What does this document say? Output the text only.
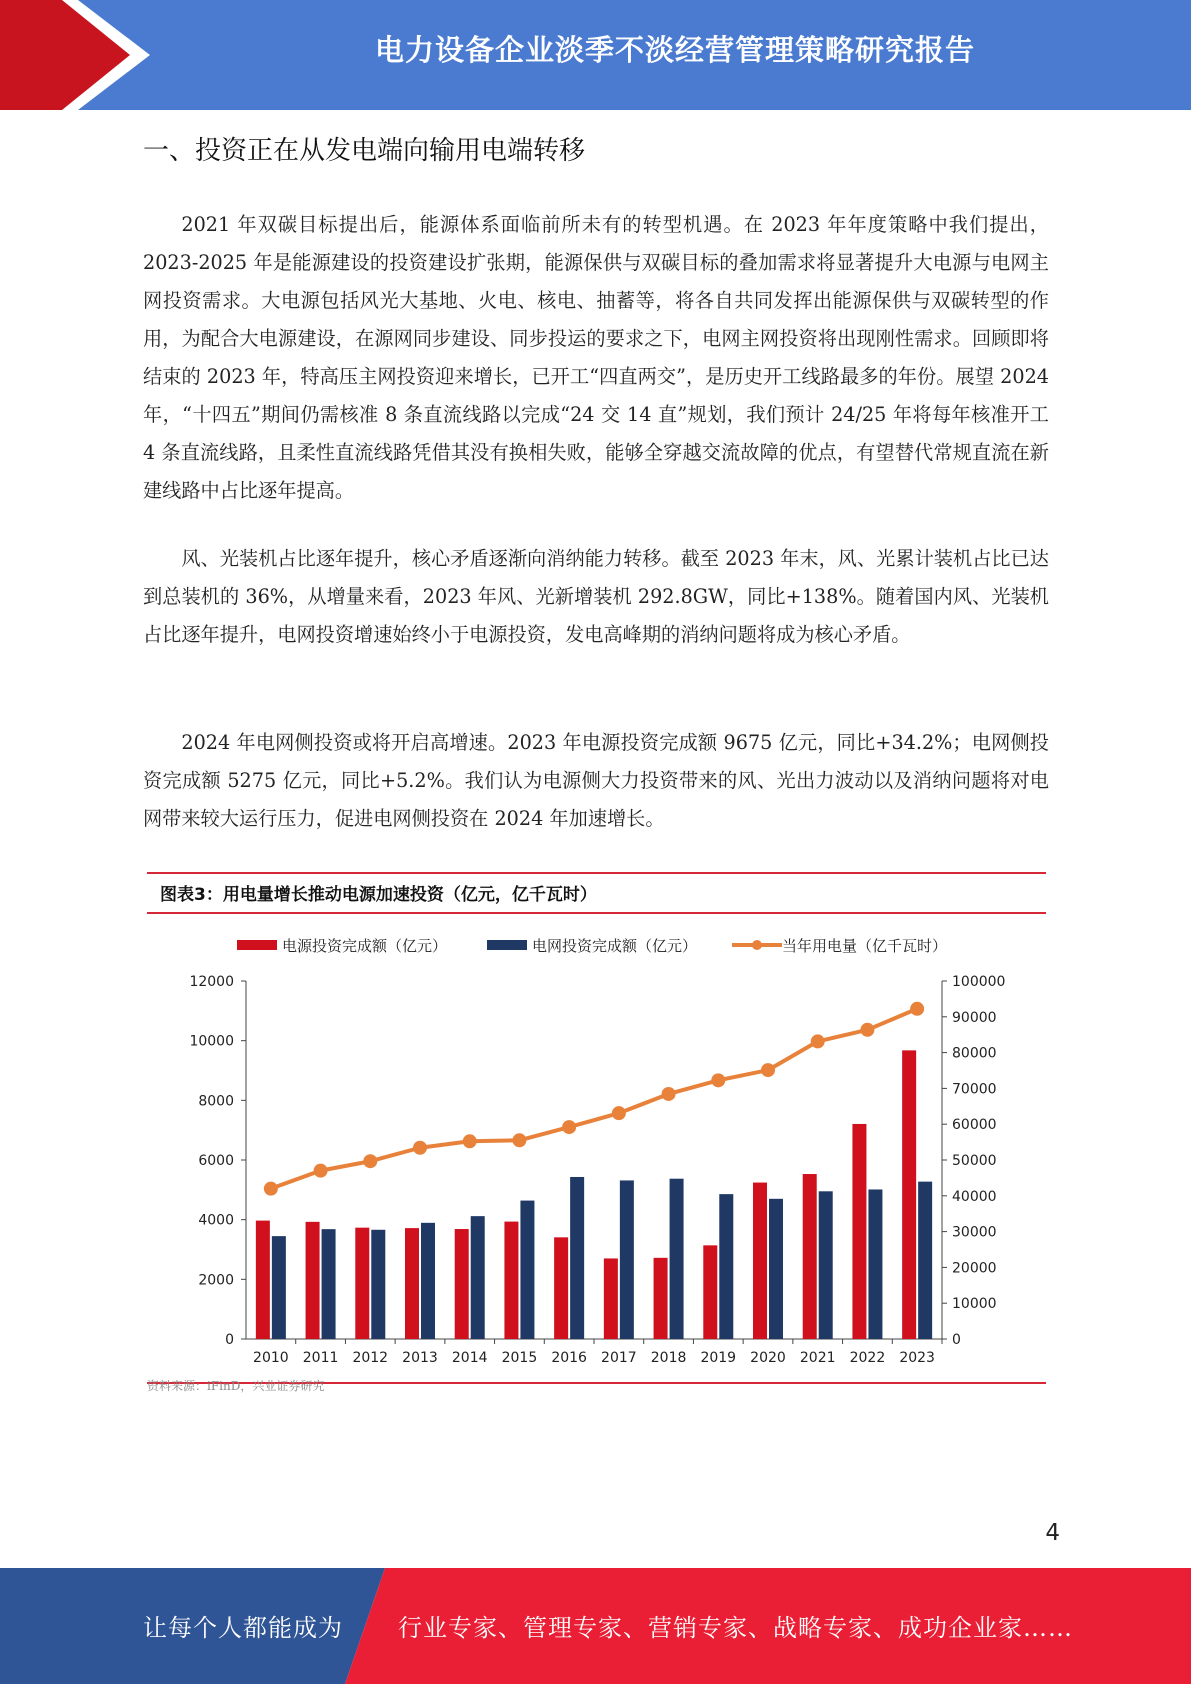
电力设备企业淡季不淡经营管理策略研究报告
一、投资正在从发电端向输用电端转移

2021 年双碳目标提出后，能源体系面临前所未有的转型机遇。在 2023 年年度策略中我们提出，2023-2025 年是能源建设的投资建设扩张期，能源保供与双碳目标的叠加需求将显著提升大电源与电网主网投资需求。大电源包括风光大基地、火电、核电、抽蓄等，将各自共同发挥出能源保供与双碳转型的作用，为配合大电源建设，在源网同步建设、同步投运的要求之下，电网主网投资将出现刚性需求。回顾即将结束的 2023 年，特高压主网投资迎来增长，已开工“四直两交”，是历史开工线路最多的年份。展望 2024 年，“十四五”期间仍需核准 8 条直流线路以完成“24 交 14 直”规划，我们预计 24/25 年将每年核准开工 4 条直流线路，且柔性直流线路凭借其没有换相失败，能够全穿越交流故障的优点，有望替代常规直流在新建线路中占比逐年提高。

风、光装机占比逐年提升，核心矛盾逐渐向消纳能力转移。截至 2023 年末，风、光累计装机占比已达到总装机的 36%，从增量来看，2023 年风、光新增装机 292.8GW，同比+138%。随着国内风、光装机占比逐年提升，电网投资增速始终小于电源投资，发电高峰期的消纳问题将成为核心矛盾。

2024 年电网侧投资或将开启高增速。2023 年电源投资完成额 9675 亿元，同比+34.2%；电网侧投资完成额 5275 亿元，同比+5.2%。我们认为电源侧大力投资带来的风、光出力波动以及消纳问题将对电网带来较大运行压力，促进电网侧投资在 2024 年加速增长。

图表3：用电量增长推动电源加速投资（亿元，亿千瓦时）
电源投资完成额（亿元）	电网投资完成额（亿元）	当年用电量（亿千瓦时）
0
2000
4000
6000
8000
10000
12000
0
10000
20000
30000
40000
50000
60000
70000
80000
90000
100000
2010 2011 2012 2013 2014 2015 2016 2017 2018 2019 2020 2021 2022 2023
资料来源：iFinD，兴业证券研究
4
让每个人都能成为 行业专家、管理专家、营销专家、战略专家、成功企业家……
